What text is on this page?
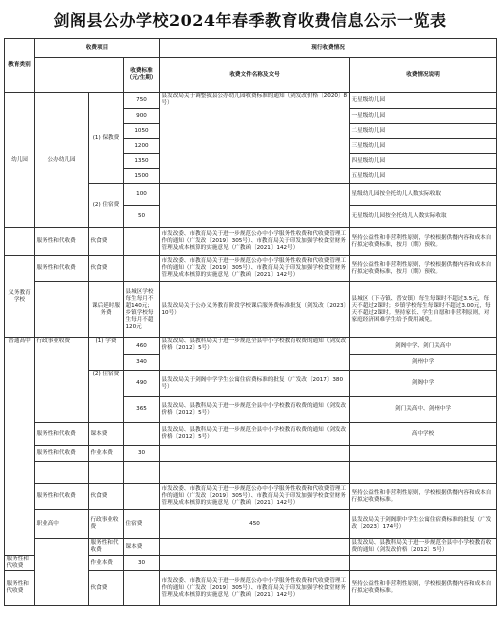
剑阁县公办学校2024年春季教育收费信息公示一览表
教育类别	收费项目			现行收费情况		
			收费标准（元/生期）	收费文件名称及文号	收费情况说明	
幼儿园	公办幼儿园	(1) 保教费	750	县发改局关于调整我县公办幼儿园收费标准的通知（剑发改价格〔2020〕8号）	无星级幼儿园	
			900		一星级幼儿园	
			1050		二星级幼儿园	
			1200		三星级幼儿园	
			1350		四星级幼儿园	
			1500		五星级幼儿园	
		(2) 住宿费	100		星级幼儿园按全托幼儿人数实际收取	
			50		无星级幼儿园按全托幼儿人数实际收取	
	服务性和代收费	伙食费		市发改委、市教育局关于进一步规范公办中小学服务性收费和代收费管理工作的通知（广发改〔2019〕305号）、市教育局关于印发加强学校食堂财务管理及成本核算的实施意见（广教函〔2021〕142号）	坚持公益性和非营利性原则，学校根据供餐内容和成本自行拟定收费标准，按月（期）预收。	
义务教育学校	服务性和代收费	伙食费		市发改委、市教育局关于进一步规范公办中小学服务性收费和代收费管理工作的通知（广发改〔2019〕305号）、市教育局关于印发加强学校食堂财务管理及成本核算的实施意见（广教函〔2021〕142号）	坚持公益性和非营利性原则，学校根据供餐内容和成本自行拟定收费标准，按月（期）预收。	
		课后延时服务费	县城区学校每生每月不超140元；乡镇学校每生每月不超120元	县发改局关于公办义务教育阶段学校课后服务费标准批复（剑发改〔2023〕10号）	县城区（下寺镇、普安镇）每生每课时不超过3.5元，每天不超过2课时；乡镇学校每生每课时不超过3.00元，每天不超过2课时。坚持家长、学生自愿和非营利原则，对家庭经济困难学生给予费用减免。	
普通高中	行政事业收费	(1) 学费	460	县发改局、县教科局关于进一步规范全县中小学校教育收费的通知（剑发改价格〔2012〕5号）	剑阁中学、剑门关高中	
			340		剑州中学	
		(2) 住宿费	490	县发改局关于剑阁中学学生公寓住宿费标准的批复（广发改〔2017〕380号）	剑阁中学	
			365	县发改局、县教科局关于进一步规范全县中小学校教育收费的通知（剑发改价格〔2012〕5号）	剑门关高中、剑州中学	
	服务性和代收费	课本费		县发改局、县教科局关于进一步规范全县中小学校教育收费的通知（剑发改价格〔2012〕5号）	高中学校	
	服务性和代收费	作业本费	30			

	服务性和代收费	伙食费		市发改委、市教育局关于进一步规范公办中小学服务性收费和代收费管理工作的通知（广发改〔2019〕305号）、市教育局关于印发加强学校食堂财务管理及成本核算的实施意见（广教函〔2021〕142号）	坚持公益性和非营利性原则，学校根据供餐内容和成本自行拟定收费标准。	
	职业高中	行政事业收费	住宿费	450	县发改局关于剑阁职中学生公寓住宿费标准的批复（广发改〔2023〕174号）	
		服务性和代收费	课本费		县发改局、县教科局关于进一步规范全县中小学校教育收费的通知（剑发改价格〔2012〕5号）	
服务性和代收费		作业本费	30			
服务性和代收费		伙食费		市发改委、市教育局关于进一步规范公办中小学服务性收费和代收费管理工作的通知（广发改〔2019〕305号）、市教育局关于印发加强学校食堂财务管理及成本核算的实施意见（广教函〔2021〕142号）	坚持公益性和非营利性原则，学校根据供餐内容和成本自行拟定收费标准。	
